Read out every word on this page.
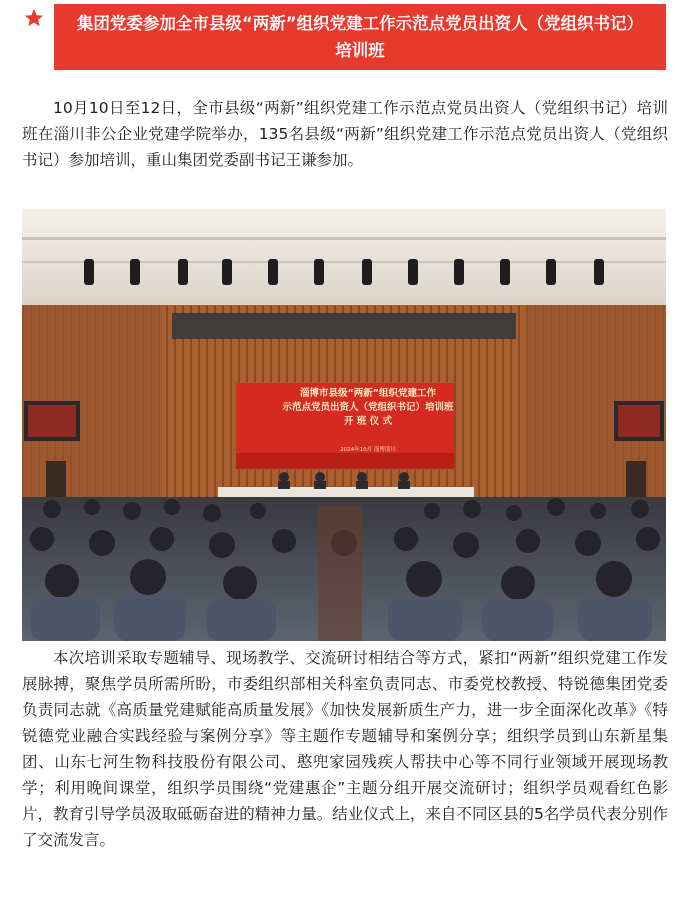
集团党委参加全市县级“两新”组织党建工作示范点党员出资人（党组织书记）培训班

10月10日至12日，全市县级“两新”组织党建工作示范点党员出资人（党组织书记）培训班在淄川非公企业党建学院举办，135名县级“两新”组织党建工作示范点党员出资人（党组织书记）参加培训，重山集团党委副书记王谦参加。

淄博市县级“两新”组织党建工作
示范点党员出资人（党组织书记）培训班
开 班 仪 式
2024年10月 淄博淄川

本次培训采取专题辅导、现场教学、交流研讨相结合等方式，紧扣“两新”组织党建工作发展脉搏，聚焦学员所需所盼，市委组织部相关科室负责同志、市委党校教授、特锐德集团党委负责同志就《高质量党建赋能高质量发展》《加快发展新质生产力，进一步全面深化改革》《特锐德党业融合实践经验与案例分享》等主题作专题辅导和案例分享；组织学员到山东新星集团、山东七河生物科技股份有限公司、憨兜家园残疾人帮扶中心等不同行业领域开展现场教学；利用晚间课堂，组织学员围绕“党建惠企”主题分组开展交流研讨；组织学员观看红色影片，教育引导学员汲取砥砺奋进的精神力量。结业仪式上，来自不同区县的5名学员代表分别作了交流发言。
